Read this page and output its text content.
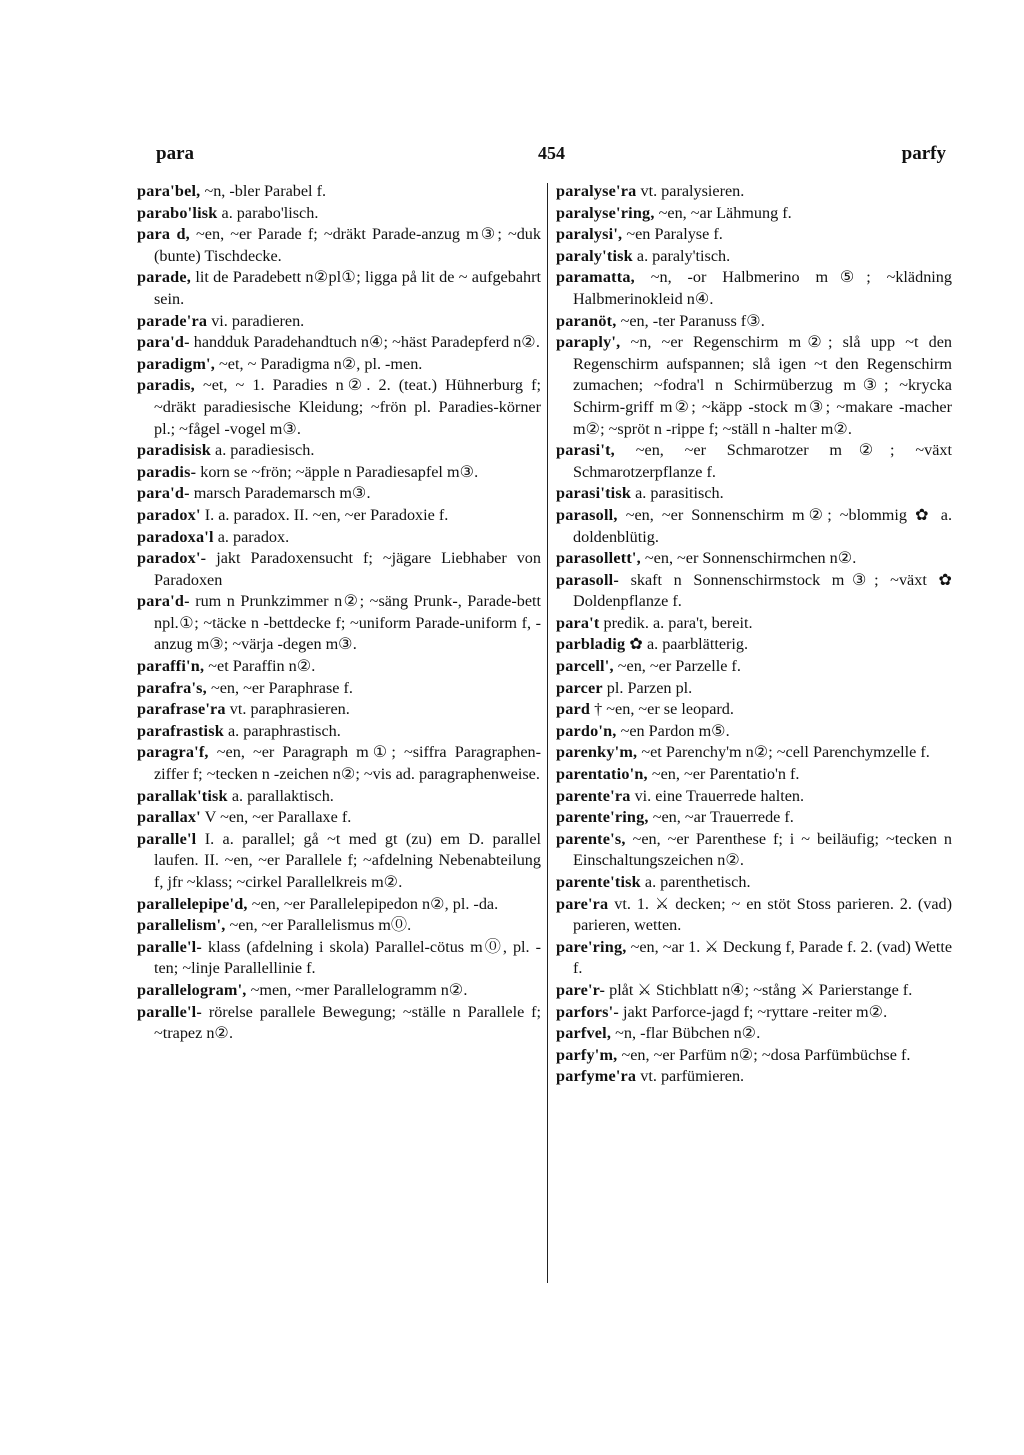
para	454	parfy

para'bel, ~n, -bler Parabel f.

parabo'lisk a. parabo'lisch.

para d, ~en, ~er Parade f; ~dräkt Parade-anzug m③; ~duk (bunte) Tischdecke.

parade, lit de Paradebett n②pl①; ligga på lit de ~ aufgebahrt sein.

parade'ra vi. paradieren.

para'd- handduk Paradehandtuch n④; ~häst Paradepferd n②.

paradigm', ~et, ~ Paradigma n②, pl. -men.

paradis, ~et, ~ 1. Paradies n②. 2. (teat.) Hühnerburg f; ~dräkt paradiesische Kleidung; ~frön pl. Paradies-körner pl.; ~fågel -vogel m③.

paradisisk a. paradiesisch.

paradis- korn se ~frön; ~äpple n Paradiesapfel m③.

para'd- marsch Parademarsch m③.

paradox' I. a. paradox. II. ~en, ~er Paradoxie f.

paradoxa'l a. paradox.

paradox'- jakt Paradoxensucht f; ~jägare Liebhaber von Paradoxen

para'd- rum n Prunkzimmer n②; ~säng Prunk-, Parade-bett npl.①; ~täcke n -bettdecke f; ~uniform Parade-uniform f, -anzug m③; ~värja -degen m③.

paraffi'n, ~et Paraffin n②.

parafra's, ~en, ~er Paraphrase f.

parafrase'ra vt. paraphrasieren.

parafrastisk a. paraphrastisch.

paragra'f, ~en, ~er Paragraph m①; ~siffra Paragraphen-ziffer f; ~tecken n -zeichen n②; ~vis ad. paragraphenweise.

parallak'tisk a. parallaktisch.

parallax' V ~en, ~er Parallaxe f.

paralle'l I. a. parallel; gå ~t med gt (zu) em D. parallel laufen. II. ~en, ~er Parallele f; ~afdelning Nebenabteilung f, jfr ~klass; ~cirkel Parallelkreis m②.

parallelepipe'd, ~en, ~er Parallelepipedon n②, pl. -da.

parallelism', ~en, ~er Parallelismus m⓪.

paralle'l- klass (afdelning i skola) Parallel-cötus m⓪, pl. -ten; ~linje Parallellinie f.

parallelogram', ~men, ~mer Parallelogramm n②.

paralle'l- rörelse parallele Bewegung; ~ställe n Parallele f; ~trapez n②.

paralyse'ra vt. paralysieren.

paralyse'ring, ~en, ~ar Lähmung f.

paralysi', ~en Paralyse f.

paraly'tisk a. paraly'tisch.

paramatta, ~n, -or Halbmerino m⑤; ~klädning Halbmerinokleid n④.

paranöt, ~en, -ter Paranuss f③.

paraply', ~n, ~er Regenschirm m②; slå upp ~t den Regenschirm aufspannen; slå igen ~t den Regenschirm zumachen; ~fodra'l n Schirmüberzug m③; ~krycka Schirm-griff m②; ~käpp -stock m③; ~makare -macher m②; ~spröt n -rippe f; ~ställ n -halter m②.

parasi't, ~en, ~er Schmarotzer m②; ~växt Schmarotzerpflanze f.

parasi'tisk a. parasitisch.

parasoll, ~en, ~er Sonnenschirm m②; ~blommig ✿ a. doldenblütig.

parasollett', ~en, ~er Sonnenschirmchen n②.

parasoll- skaft n Sonnenschirmstock m③; ~växt ✿ Doldenpflanze f.

para't predik. a. para't, bereit.

parbladig ✿ a. paarblätterig.

parcell', ~en, ~er Parzelle f.

parcer pl. Parzen pl.

pard † ~en, ~er se leopard.

pardo'n, ~en Pardon m⑤.

parenky'm, ~et Parenchy'm n②; ~cell Parenchymzelle f.

parentatio'n, ~en, ~er Parentatio'n f.

parente'ra vi. eine Trauerrede halten.

parente'ring, ~en, ~ar Trauerrede f.

parente's, ~en, ~er Parenthese f; i ~ beiläufig; ~tecken n Einschaltungszeichen n②.

parente'tisk a. parenthetisch.

pare'ra vt. 1. ⚔ decken; ~ en stöt Stoss parieren. 2. (vad) parieren, wetten.

pare'ring, ~en, ~ar 1. ⚔ Deckung f, Parade f. 2. (vad) Wette f.

pare'r- plåt ⚔ Stichblatt n④; ~stång ⚔ Parierstange f.

parfors'- jakt Parforce-jagd f; ~ryttare -reiter m②.

parfvel, ~n, -flar Bübchen n②.

parfy'm, ~en, ~er Parfüm n②; ~dosa Parfümbüchse f.

parfyme'ra vt. parfümieren.
